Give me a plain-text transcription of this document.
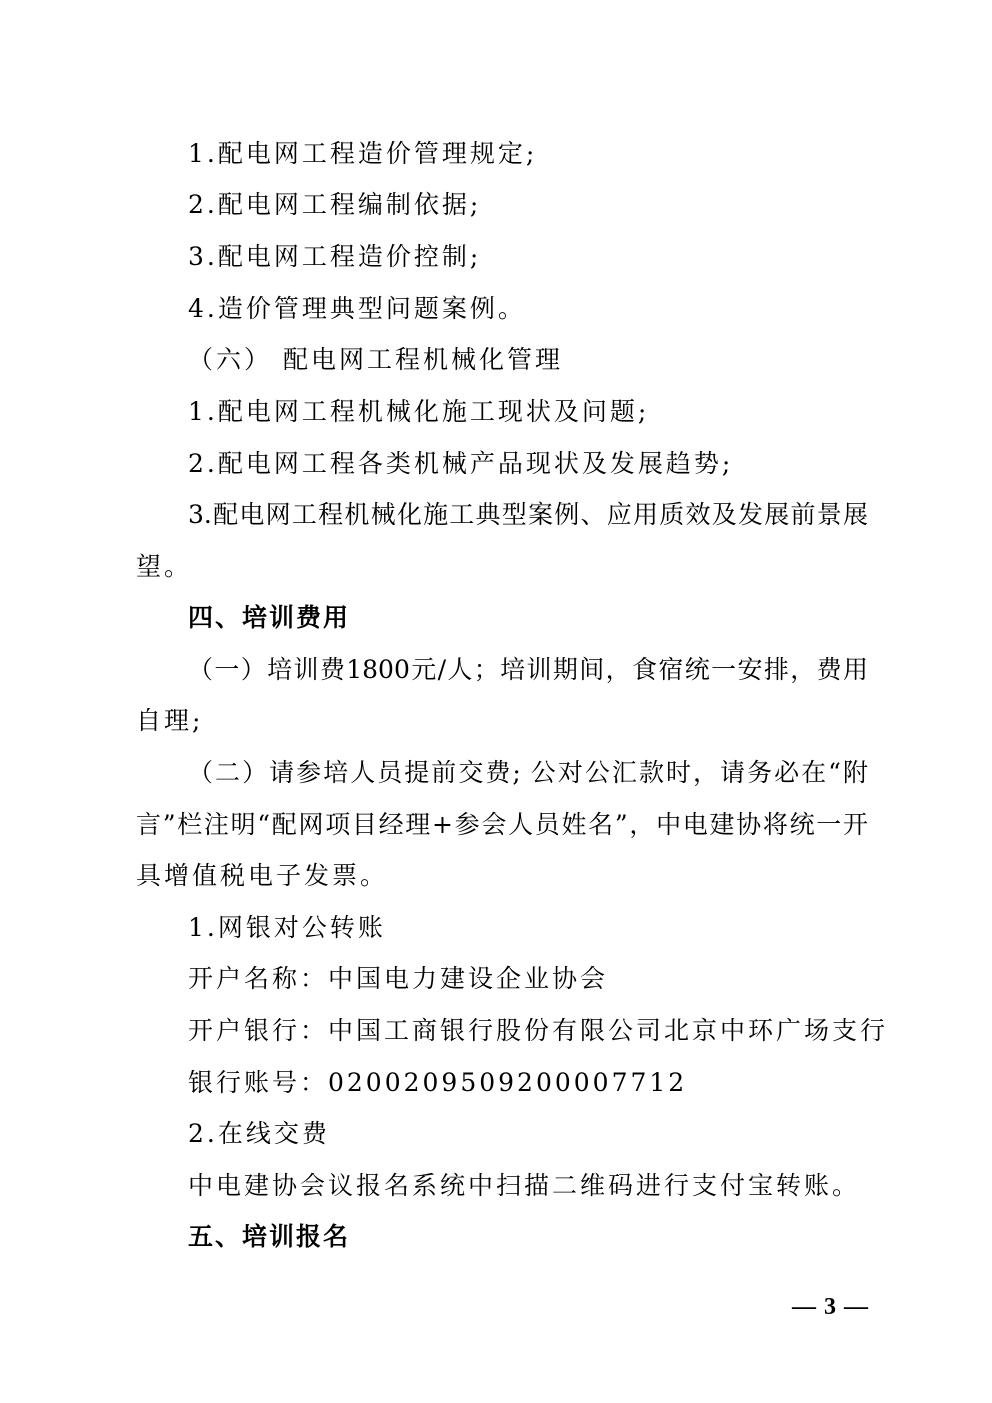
1.配电网工程造价管理规定;
2.配电网工程编制依据;
3.配电网工程造价控制;
4.造价管理典型问题案例。
（六） 配电网工程机械化管理
1.配电网工程机械化施工现状及问题;
2.配电网工程各类机械产品现状及发展趋势;
3.配电网工程机械化施工典型案例、应用质效及发展前景展
望。
四、培训费用
（一）培训费1800元/人；培训期间，食宿统一安排，费用
自理;
（二）请参培人员提前交费; 公对公汇款时，请务必在“附
言”栏注明“配网项目经理+参会人员姓名”，中电建协将统一开
具增值税电子发票。
1.网银对公转账
开户名称：中国电力建设企业协会
开户银行：中国工商银行股份有限公司北京中环广场支行
银行账号：0200209509200007712
2.在线交费
中电建协会议报名系统中扫描二维码进行支付宝转账。
五、培训报名
— 3 —
